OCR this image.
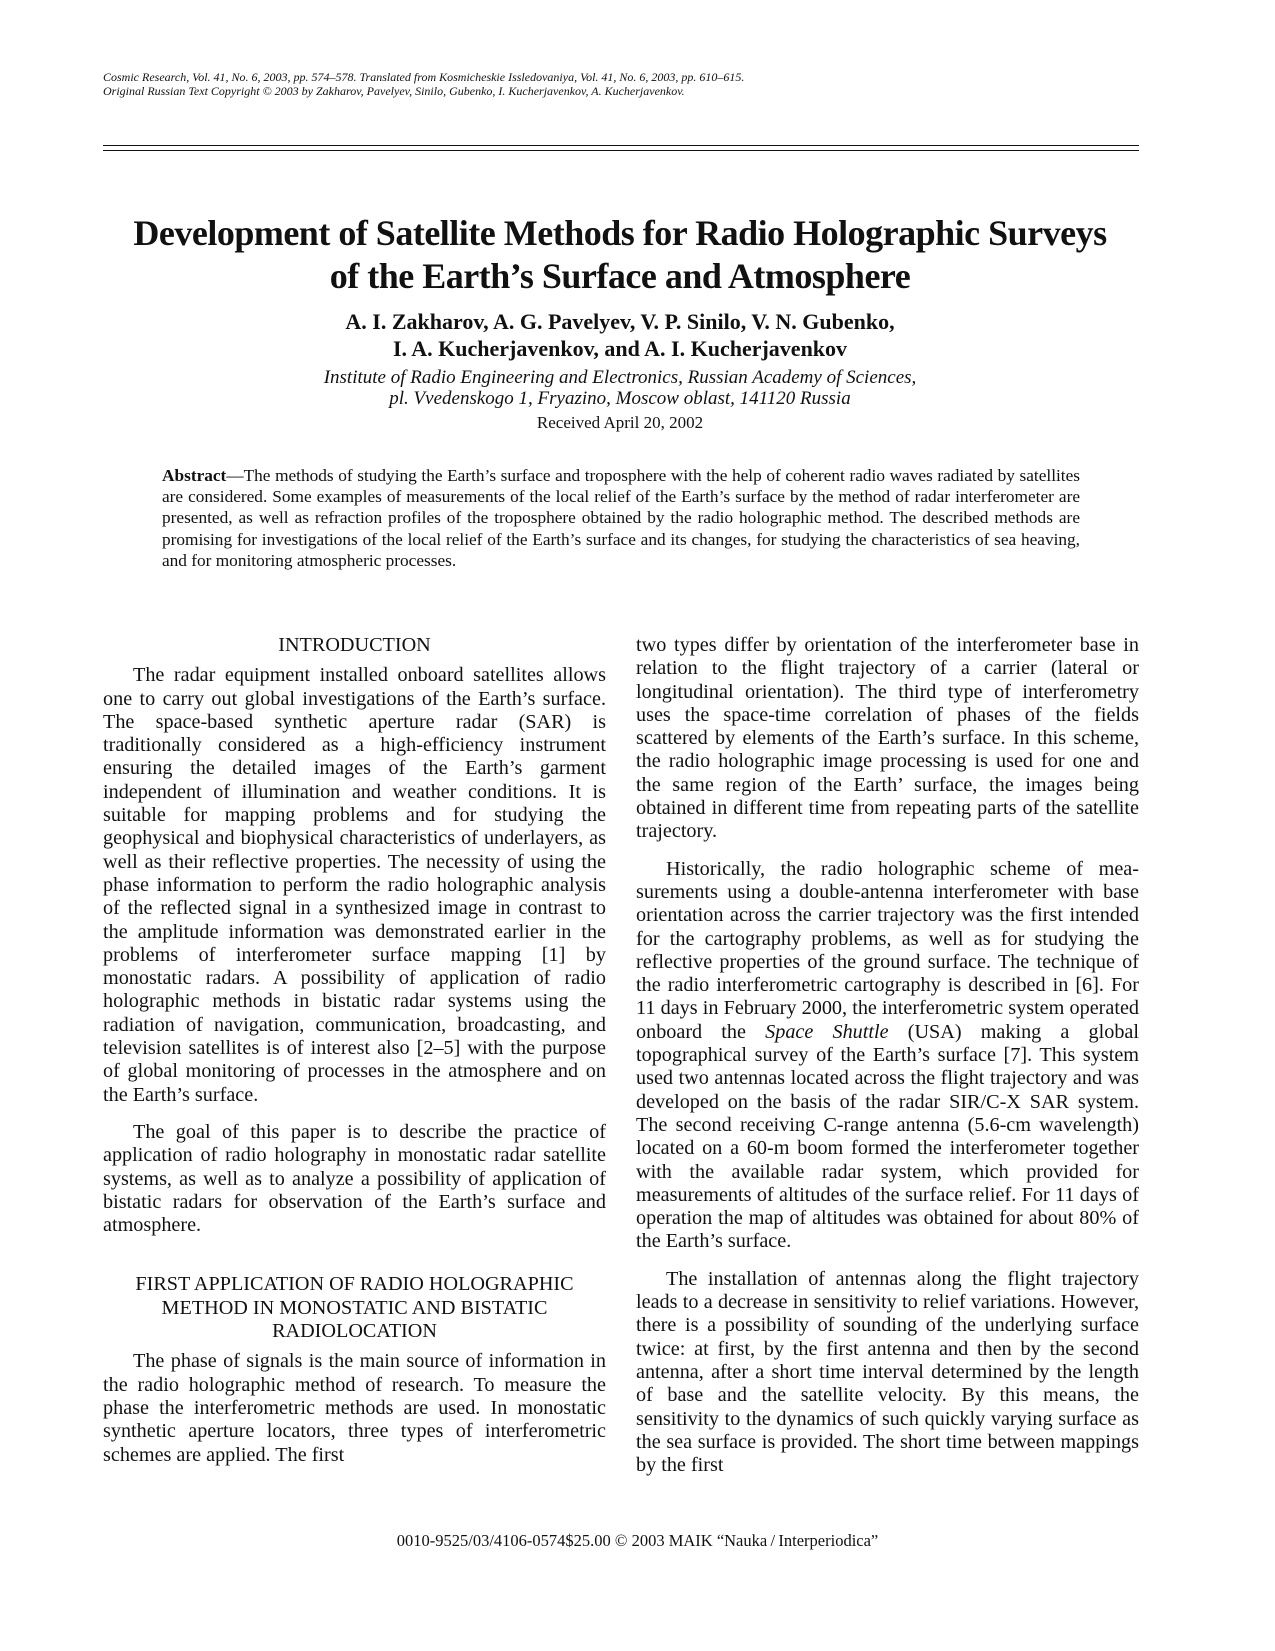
Cosmic Research, Vol. 41, No. 6, 2003, pp. 574–578. Translated from Kosmicheskie Issledovaniya, Vol. 41, No. 6, 2003, pp. 610–615.
Original Russian Text Copyright © 2003 by Zakharov, Pavelyev, Sinilo, Gubenko, I. Kucherjavenkov, A. Kucherjavenkov.
Development of Satellite Methods for Radio Holographic Surveys
of the Earth’s Surface and Atmosphere
A. I. Zakharov, A. G. Pavelyev, V. P. Sinilo, V. N. Gubenko,
I. A. Kucherjavenkov, and A. I. Kucherjavenkov
Institute of Radio Engineering and Electronics, Russian Academy of Sciences,
pl. Vvedenskogo 1, Fryazino, Moscow oblast, 141120 Russia
Received April 20, 2002
Abstract—The methods of studying the Earth’s surface and troposphere with the help of coherent radio waves radiated by satellites are considered. Some examples of measurements of the local relief of the Earth’s surface by the method of radar interferometer are presented, as well as refraction profiles of the troposphere obtained by the radio holographic method. The described methods are promising for investigations of the local relief of the Earth’s surface and its changes, for studying the characteristics of sea heaving, and for monitoring atmospheric processes.
INTRODUCTION
The radar equipment installed onboard satellites allows one to carry out global investigations of the Earth’s surface. The space-based synthetic aperture radar (SAR) is traditionally considered as a high-efficiency instrument ensuring the detailed images of the Earth’s garment independent of illumination and weather conditions. It is suitable for mapping problems and for studying the geophysical and biophysical characteristics of underlayers, as well as their reflective properties. The necessity of using the phase information to perform the radio holographic analysis of the reflected signal in a synthesized image in contrast to the amplitude information was demonstrated earlier in the problems of interferometer surface mapping [1] by monostatic radars. A possibility of application of radio holographic methods in bistatic radar systems using the radiation of navigation, communication, broadcasting, and television satellites is of interest also [2–5] with the purpose of global monitoring of processes in the atmosphere and on the Earth’s surface.
The goal of this paper is to describe the practice of application of radio holography in monostatic radar satellite systems, as well as to analyze a possibility of application of bistatic radars for observation of the Earth’s surface and atmosphere.
FIRST APPLICATION OF RADIO HOLOGRAPHIC
METHOD IN MONOSTATIC AND BISTATIC
RADIOLOCATION
The phase of signals is the main source of information in the radio holographic method of research. To measure the phase the interferometric methods are used. In monostatic synthetic aperture locators, three types of interferometric schemes are applied. The first
two types differ by orientation of the interferometer base in relation to the flight trajectory of a carrier (lateral or longitudinal orientation). The third type of interferometry uses the space-time correlation of phases of the fields scattered by elements of the Earth’s surface. In this scheme, the radio holographic image processing is used for one and the same region of the Earth’ surface, the images being obtained in different time from repeating parts of the satellite trajectory.
Historically, the radio holographic scheme of measurements using a double-antenna interferometer with base orientation across the carrier trajectory was the first intended for the cartography problems, as well as for studying the reflective properties of the ground surface. The technique of the radio interferometric cartography is described in [6]. For 11 days in February 2000, the interferometric system operated onboard the Space Shuttle (USA) making a global topographical survey of the Earth’s surface [7]. This system used two antennas located across the flight trajectory and was developed on the basis of the radar SIR/C-X SAR system. The second receiving C-range antenna (5.6-cm wavelength) located on a 60-m boom formed the interferometer together with the available radar system, which provided for measurements of altitudes of the surface relief. For 11 days of operation the map of altitudes was obtained for about 80% of the Earth’s surface.
The installation of antennas along the flight trajectory leads to a decrease in sensitivity to relief variations. However, there is a possibility of sounding of the underlying surface twice: at first, by the first antenna and then by the second antenna, after a short time interval determined by the length of base and the satellite velocity. By this means, the sensitivity to the dynamics of such quickly varying surface as the sea surface is provided. The short time between mappings by the first
0010-9525/03/4106-0574$25.00 © 2003 MAIK “Nauka / Interperiodica”
